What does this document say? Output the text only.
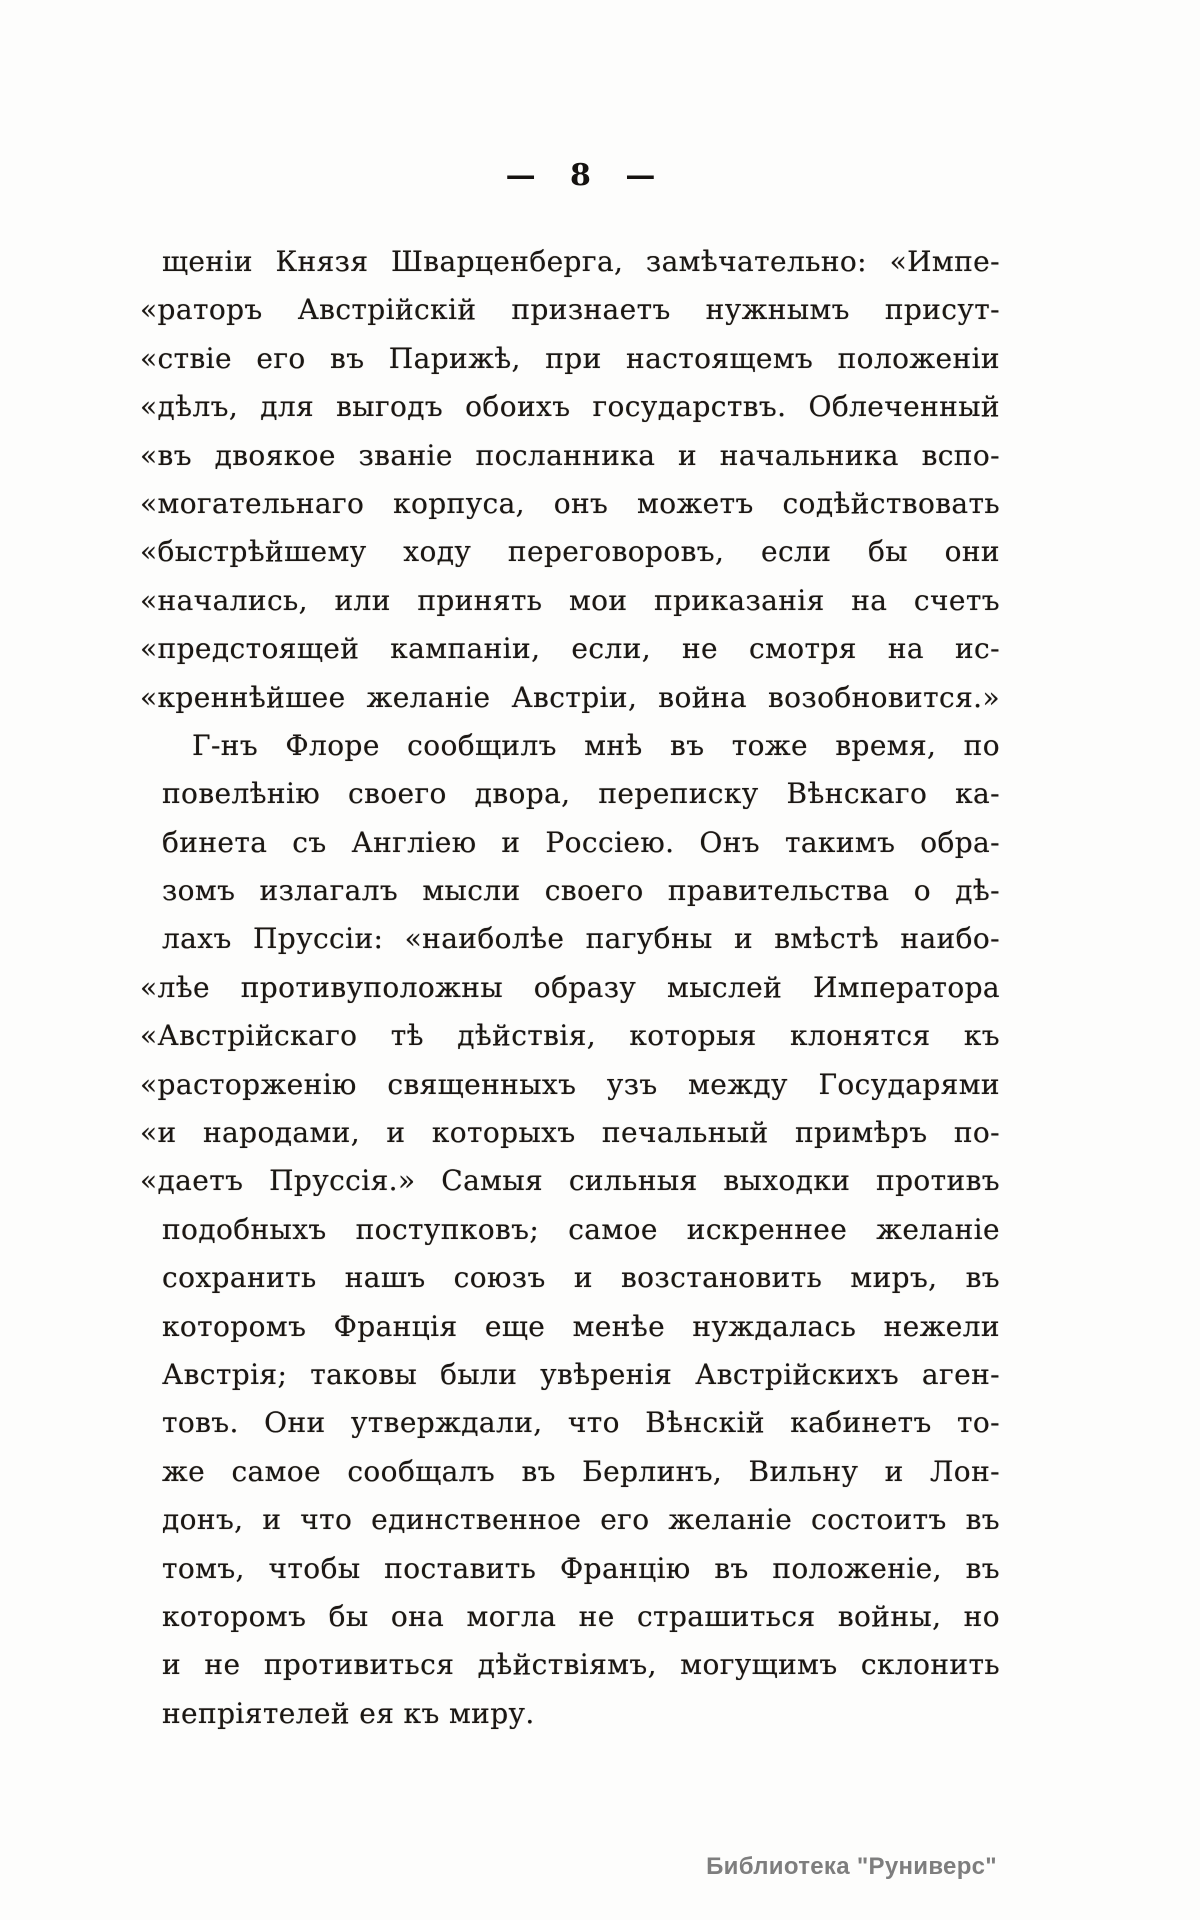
— 8 —
щеніи Князя Шварценберга, замѣчательно: «Импе-
«раторъ Австрійскій признаетъ нужнымъ присут-
«ствіе его въ Парижѣ, при настоящемъ положеніи
«дѣлъ, для выгодъ обоихъ государствъ. Облеченный
«въ двоякое званіе посланника и начальника вспо-
«могательнаго корпуса, онъ можетъ содѣйствовать
«быстрѣйшему ходу переговоровъ, если бы они
«начались, или принять мои приказанія на счетъ
«предстоящей кампаніи, если, не смотря на ис-
«креннѣйшее желаніе Австріи, война возобновится.»
Г-нъ Флоре сообщилъ мнѣ въ тоже время, по
повелѣнію своего двора, переписку Вѣнскаго ка-
бинета съ Англіею и Россіею. Онъ такимъ обра-
зомъ излагалъ мысли своего правительства о дѣ-
лахъ Пруссіи: «наиболѣе пагубны и вмѣстѣ наибо-
«лѣе противуположны образу мыслей Императора
«Австрійскаго тѣ дѣйствія, которыя клонятся къ
«расторженію священныхъ узъ между Государями
«и народами, и которыхъ печальный примѣръ по-
«даетъ Пруссія.» Самыя сильныя выходки противъ
подобныхъ поступковъ; самое искреннее желаніе
сохранить нашъ союзъ и возстановить миръ, въ
которомъ Франція еще менѣе нуждалась нежели
Австрія; таковы были увѣренія Австрійскихъ аген-
товъ. Они утверждали, что Вѣнскій кабинетъ то-
же самое сообщалъ въ Берлинъ, Вильну и Лон-
донъ, и что единственное его желаніе состоитъ въ
томъ, чтобы поставить Францію въ положеніе, въ
которомъ бы она могла не страшиться войны, но
и не противиться дѣйствіямъ, могущимъ склонить
непріятелей ея къ миру.
Библиотека "Руниверс"
